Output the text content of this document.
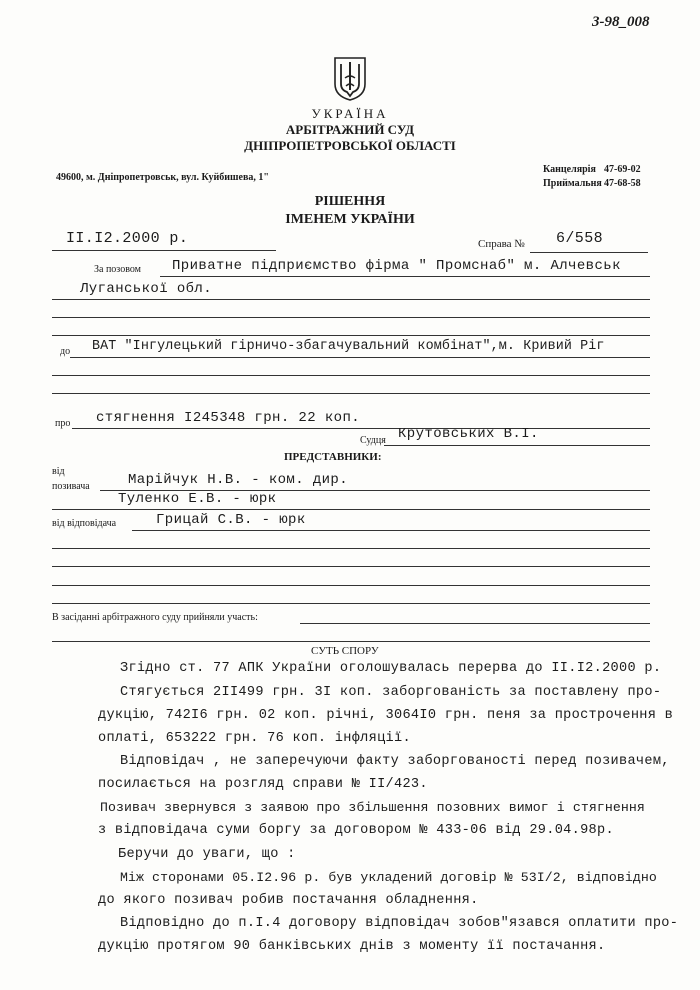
3-98_008
УКРАЇНА
АРБІТРАЖНИЙ СУД
ДНІПРОПЕТРОВСЬКОЇ ОБЛАСТІ
49600, м. Дніпропетровськ, вул. Куйбишева, 1"
Канцелярія 47-69-02
Приймальня 47-68-58
РІШЕННЯ
ІМЕНЕМ УКРАЇНИ
II.I2.2000 р.	Справа № 6/558
За позовом Приватне підприємство фірма " Промснаб" м. Алчевськ
Луганської обл.
до ВАТ "Інгулецький гірничо-збагачувальний комбінат",м. Кривий Ріг
про стягнення I245348 грн. 22 коп.
Судця Крутовських В.І.
ПРЕДСТАВНИКИ:
від
позивача	Марійчук Н.В. - ком. дир.
Туленко Е.В. - юрк
від відповідача	Грицай С.В. - юрк
В засіданні арбітражного суду прийняли участь:
СУТЬ СПОРУ
Згідно ст. 77 АПК України оголошувалась перерва до II.I2.2000 р.
Стягується 2II499 грн. 3I коп. заборгованість за поставлену про-
дукцію, 742I6 грн. 02 коп. річні, 3064I0 грн. пеня за прострочення в
оплаті, 653222 грн. 76 коп. інфляції.
Відповідач , не заперечуючи факту заборгованості перед позивачем,
посилається на розгляд справи № II/423.
Позивач звернувся з заявою про збільшення позовних вимог і стягнення
з відповідача суми боргу за договором № 433-06 від 29.04.98р.
Беручи до уваги, що :
Між сторонами 05.I2.96 р. був укладений договір № 53I/2, відповідно
до якого позивач робив постачання обладнення.
Відповідно до п.I.4 договору відповідач зобов"язався оплатити про-
дукцію протягом 90 банківських днів з моменту її постачання.
